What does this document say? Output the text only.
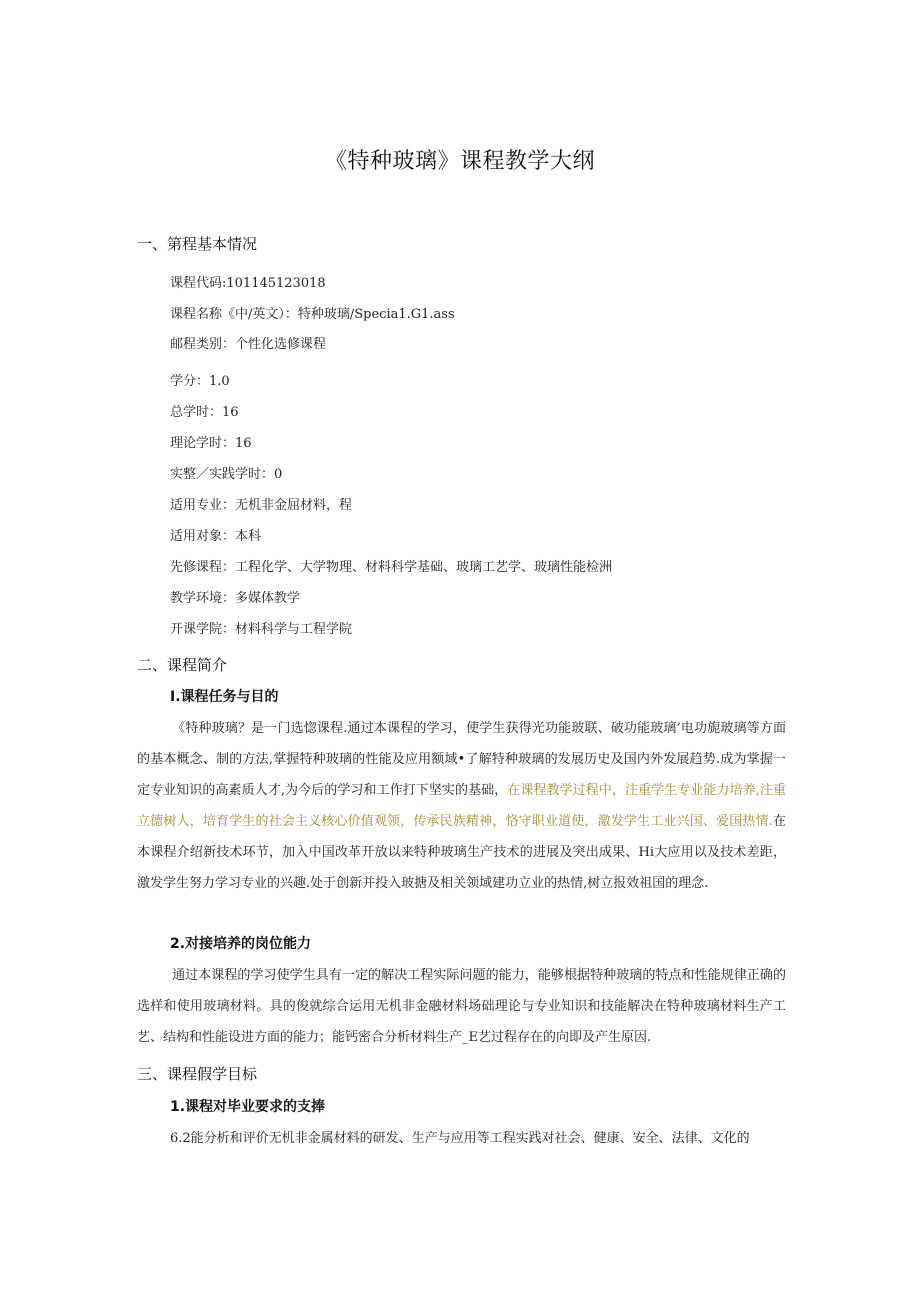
《特种玻璃》课程教学大纲
一、第程基本情况
课程代码:101145123018
课程名称《中/英文）：特种玻璃/Specia1.G1.ass
邮程类别：个性化选修课程
学分：1.0
总学时：16
理论学时：16
实整／实践学时：0
适用专业：无机非金屈材料，程
适用对象：本科
先修课程：工程化学、大学物理、材料科学基础、玻璃工艺学、玻璃性能检洲
教学环境：多媒体教学
开课学院：材料科学与工程学院
二、课程简介
I.课程任务与目的

《特种玻璃？是一门选惚课程.通过本课程的学习，使学生获得光功能玻联、破功能玻璃’电功旎玻璃等方面的基本概念、制的方法,掌握特种玻璃的性能及应用额域•了解特种玻璃的发展历史及国内外发展趋势.成为掌握一定专业知识的高素质人才,为今后的学习和工作打下坚实的基础，在课程教学过程中，注重学生专业能力培养,注重立德树人，培育学生的社会主义核心价值观领，传承民族精神，恪守职业道使，激发学生工业兴国、爱国热情.在本课程介绍新技术环节，加入中国改革开放以来特种玻璃生产技术的进展及突出成果、Hi大应用以及技术差距，激发学生努力学习专业的兴趣.处于创新并投入玻搪及相关领域建功立业的热情,树立报效祖国的理念.

2.对接培养的岗位能力

通过本课程的学习使学生具有一定的解决工程实际问题的能力，能够根据特种玻璃的特点和性能规律正确的选样和使用玻璃材料。具的俊就综合运用无机非金融材料场础理论与专业知识和技能解决在特种玻璃材料生产工艺、结构和性能设进方面的能力；能钙密合分析材料生产_E艺过程存在的向即及产生原因.

三、课程假学目标
1.课程对毕业要求的支捧

6.2能分析和评价无机非金属材料的研发、生产与应用等工程实践对社会、健康、安全、法律、文化的
